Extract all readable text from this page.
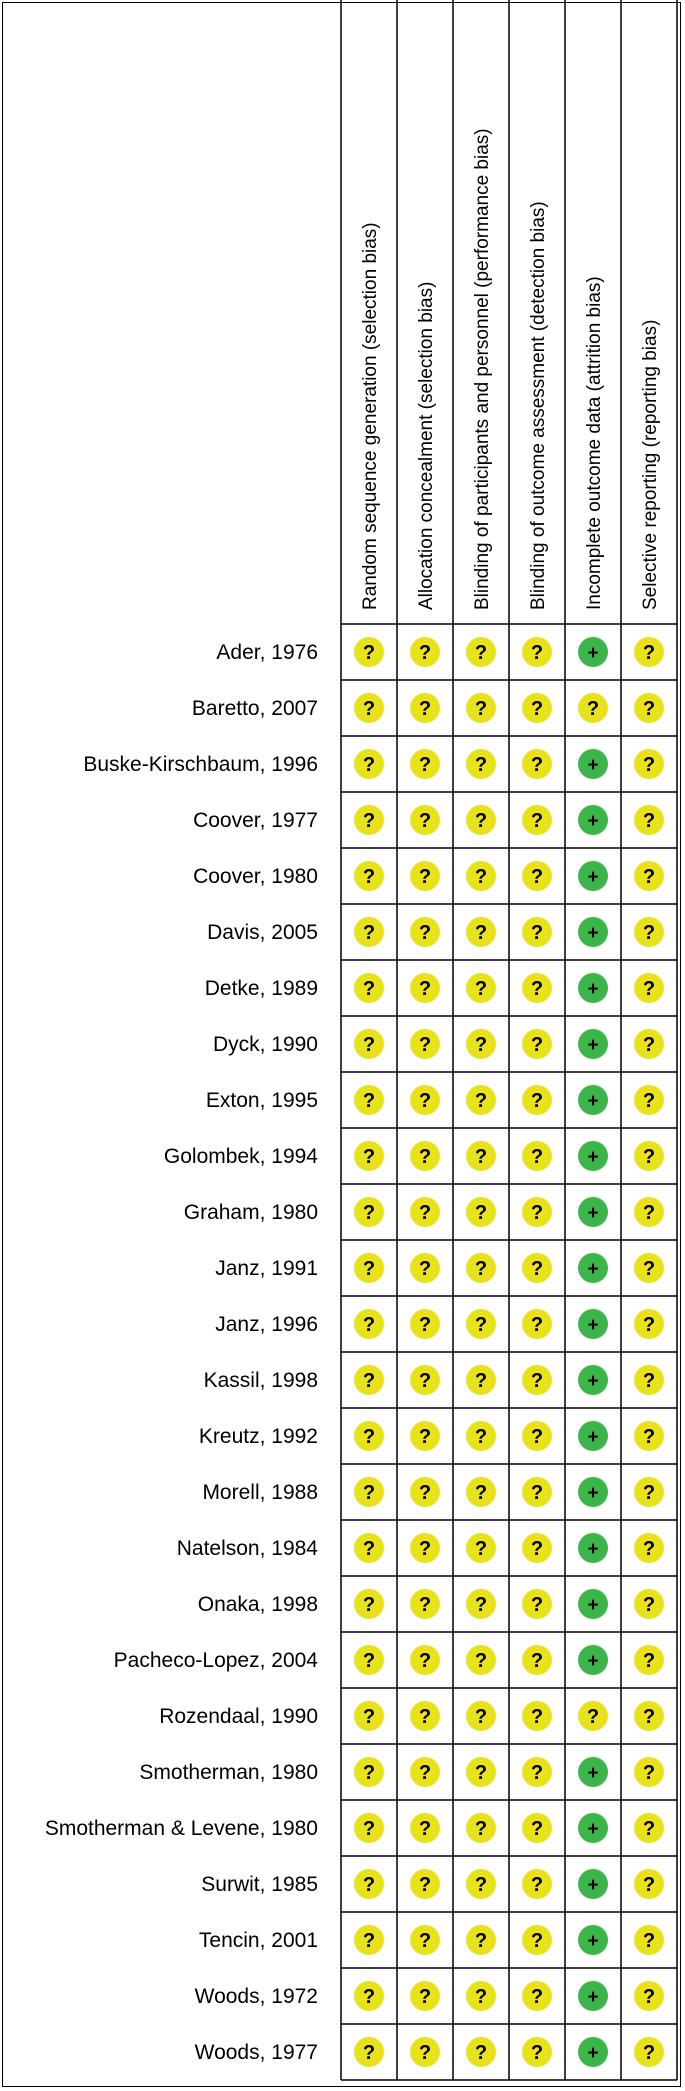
Random sequence generation (selection bias) Allocation concealment (selection bias) Blinding of participants and personnel (performance bias) Blinding of outcome assessment (detection bias) Incomplete outcome data (attrition bias) Selective reporting (reporting bias)
Ader, 1976
Baretto, 2007
Buske-Kirschbaum, 1996
Coover, 1977
Coover, 1980
Davis, 2005
Detke, 1989
Dyck, 1990
Exton, 1995
Golombek, 1994
Graham, 1980
Janz, 1991
Janz, 1996
Kassil, 1998
Kreutz, 1992
Morell, 1988
Natelson, 1984
Onaka, 1998
Pacheco-Lopez, 2004
Rozendaal, 1990
Smotherman, 1980
Smotherman & Levene, 1980
Surwit, 1985
Tencin, 2001
Woods, 1972
Woods, 1977
? ? ? ? + ?
? ? ? ? ? ?
? ? ? ? + ?
? ? ? ? + ?
? ? ? ? + ?
? ? ? ? + ?
? ? ? ? + ?
? ? ? ? + ?
? ? ? ? + ?
? ? ? ? + ?
? ? ? ? + ?
? ? ? ? + ?
? ? ? ? + ?
? ? ? ? + ?
? ? ? ? + ?
? ? ? ? + ?
? ? ? ? + ?
? ? ? ? + ?
? ? ? ? + ?
? ? ? ? ? ?
? ? ? ? + ?
? ? ? ? + ?
? ? ? ? + ?
? ? ? ? + ?
? ? ? ? + ?
? ? ? ? + ?
